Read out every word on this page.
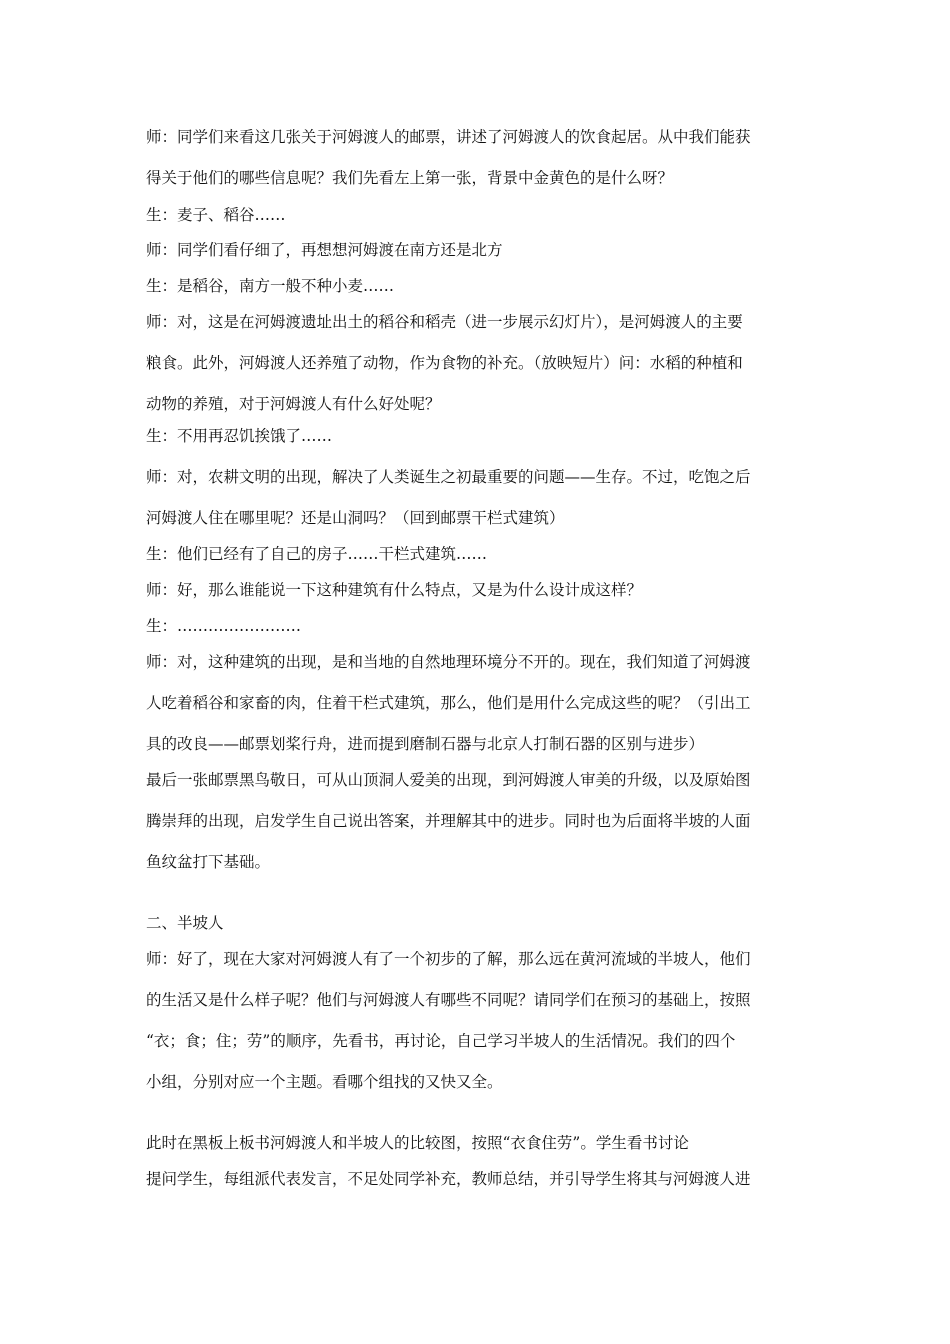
师：同学们来看这几张关于河姆渡人的邮票，讲述了河姆渡人的饮食起居。从中我们能获
得关于他们的哪些信息呢？我们先看左上第一张，背景中金黄色的是什么呀？
生：麦子、稻谷……
师：同学们看仔细了，再想想河姆渡在南方还是北方
生：是稻谷，南方一般不种小麦……
师：对，这是在河姆渡遗址出土的稻谷和稻壳（进一步展示幻灯片），是河姆渡人的主要
粮食。此外，河姆渡人还养殖了动物，作为食物的补充。（放映短片）问：水稻的种植和
动物的养殖，对于河姆渡人有什么好处呢？
生：不用再忍饥挨饿了……
师：对，农耕文明的出现，解决了人类诞生之初最重要的问题——生存。不过，吃饱之后
河姆渡人住在哪里呢？还是山洞吗？（回到邮票干栏式建筑）
生：他们已经有了自己的房子……干栏式建筑……
师：好，那么谁能说一下这种建筑有什么特点，又是为什么设计成这样？
生：……………………
师：对，这种建筑的出现，是和当地的自然地理环境分不开的。现在，我们知道了河姆渡
人吃着稻谷和家畜的肉，住着干栏式建筑，那么，他们是用什么完成这些的呢？（引出工
具的改良——邮票划桨行舟，进而提到磨制石器与北京人打制石器的区别与进步）
最后一张邮票黑鸟敬日，可从山顶洞人爱美的出现，到河姆渡人审美的升级，以及原始图
腾崇拜的出现，启发学生自己说出答案，并理解其中的进步。同时也为后面将半坡的人面
鱼纹盆打下基础。
二、半坡人
师：好了，现在大家对河姆渡人有了一个初步的了解，那么远在黄河流域的半坡人，他们
的生活又是什么样子呢？他们与河姆渡人有哪些不同呢？请同学们在预习的基础上，按照
“衣；食；住；劳”的顺序，先看书，再讨论，自己学习半坡人的生活情况。我们的四个
小组，分别对应一个主题。看哪个组找的又快又全。
此时在黑板上板书河姆渡人和半坡人的比较图，按照“衣食住劳”。学生看书讨论
提问学生，每组派代表发言，不足处同学补充，教师总结，并引导学生将其与河姆渡人进
